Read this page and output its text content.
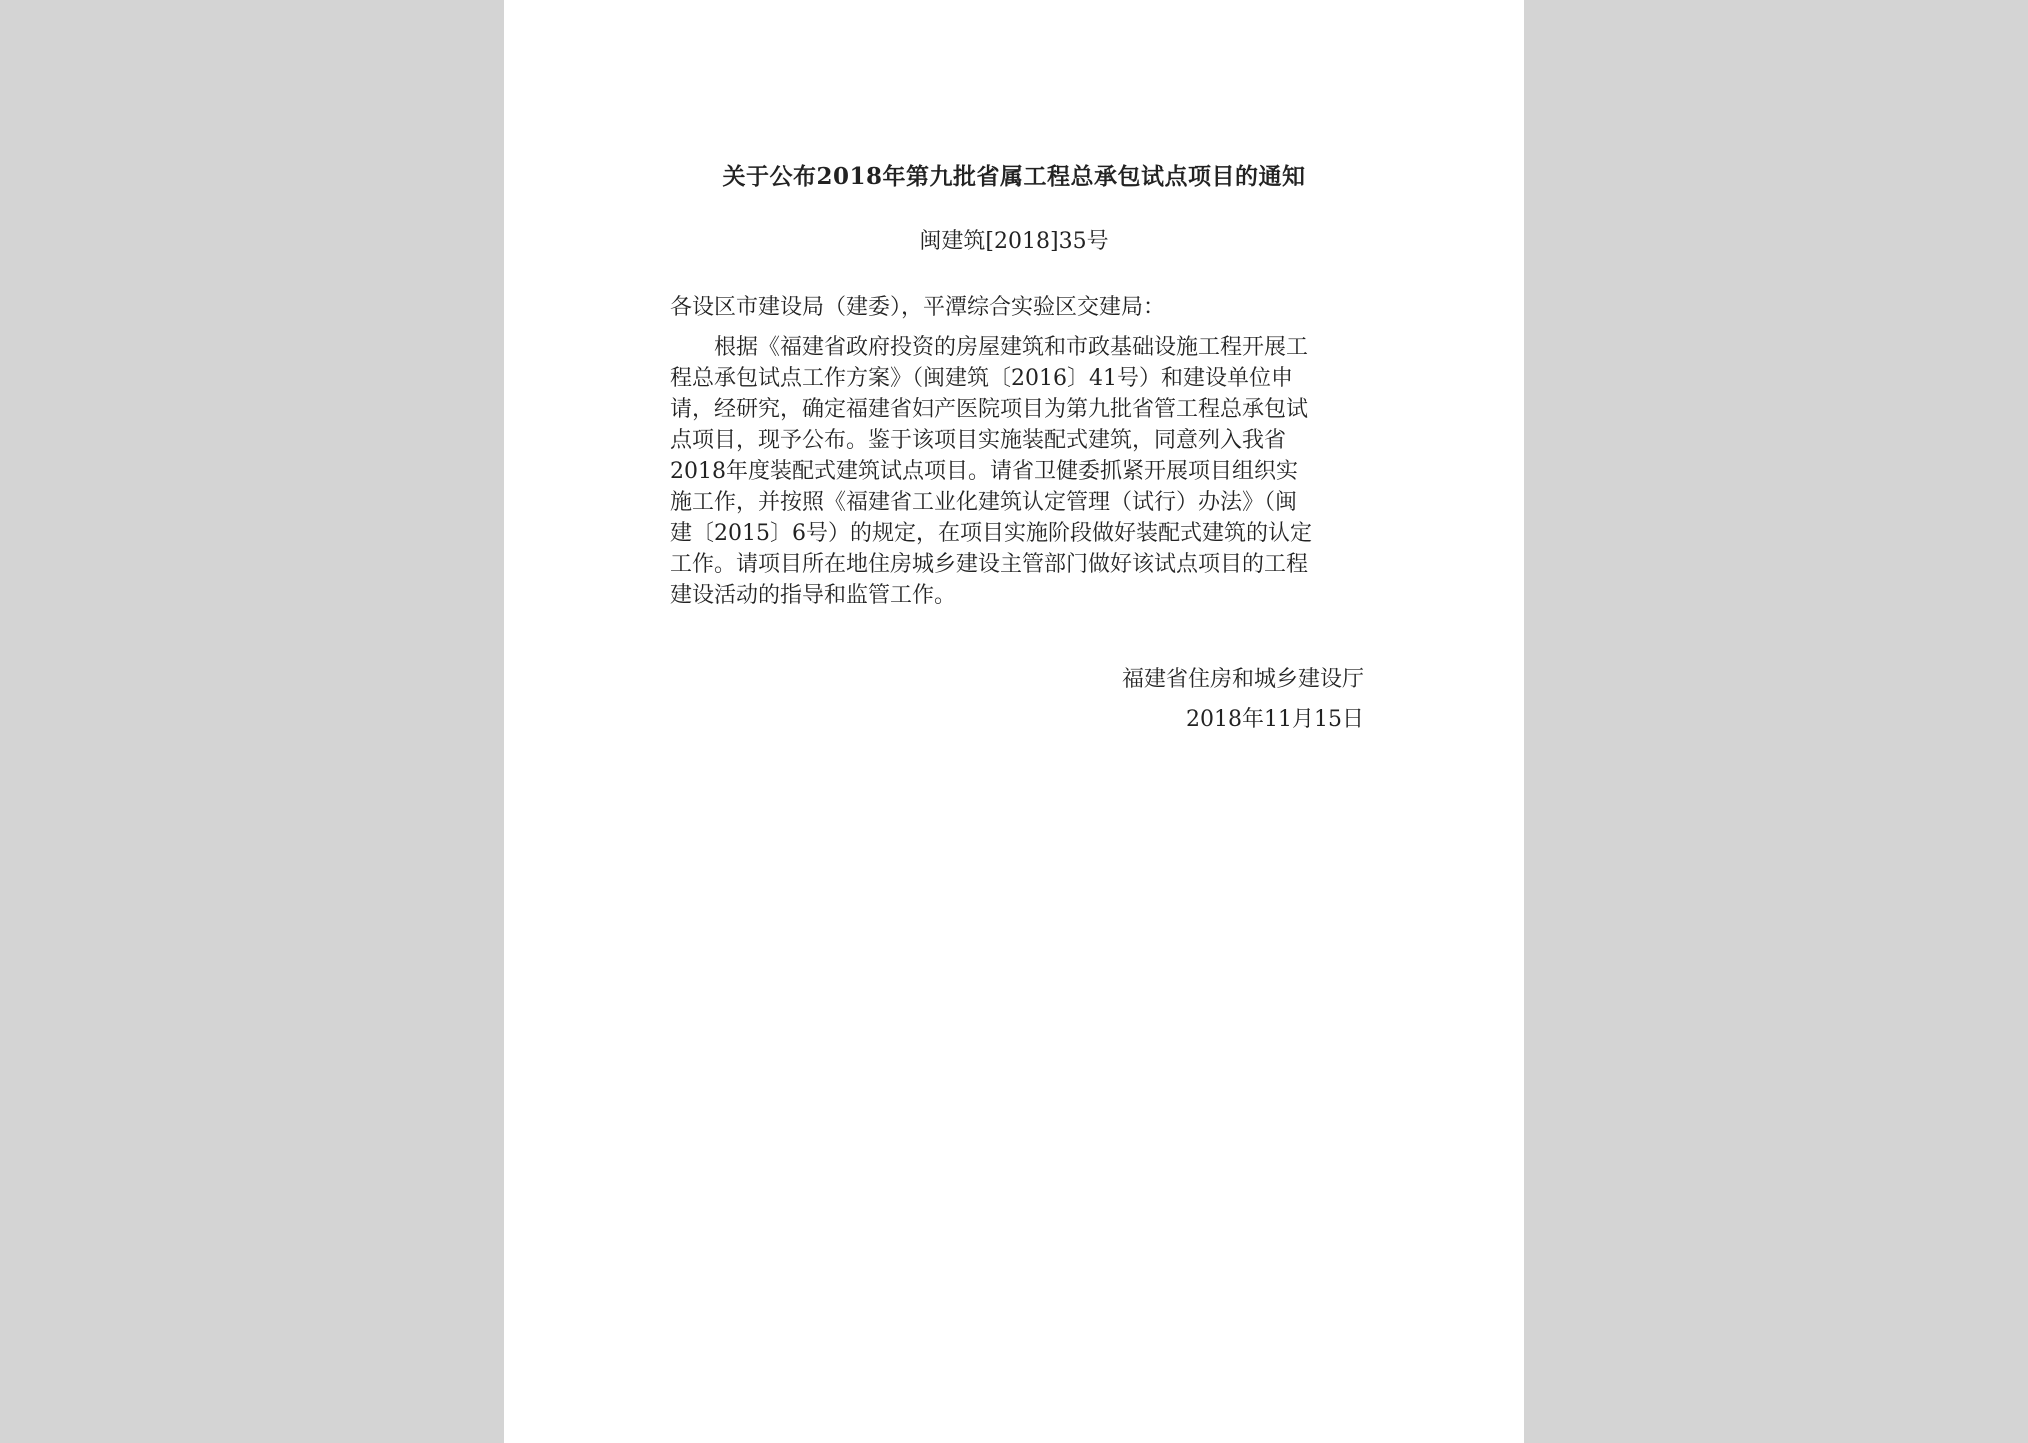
关于公布2018年第九批省属工程总承包试点项目的通知
闽建筑[2018]35号
各设区市建设局（建委），平潭综合实验区交建局：
根据《福建省政府投资的房屋建筑和市政基础设施工程开展工
程总承包试点工作方案》（闽建筑〔2016〕41号）和建设单位申
请，经研究，确定福建省妇产医院项目为第九批省管工程总承包试
点项目，现予公布。鉴于该项目实施装配式建筑，同意列入我省
2018年度装配式建筑试点项目。请省卫健委抓紧开展项目组织实
施工作，并按照《福建省工业化建筑认定管理（试行）办法》（闽
建〔2015〕6号）的规定，在项目实施阶段做好装配式建筑的认定
工作。请项目所在地住房城乡建设主管部门做好该试点项目的工程
建设活动的指导和监管工作。
福建省住房和城乡建设厅
2018年11月15日
